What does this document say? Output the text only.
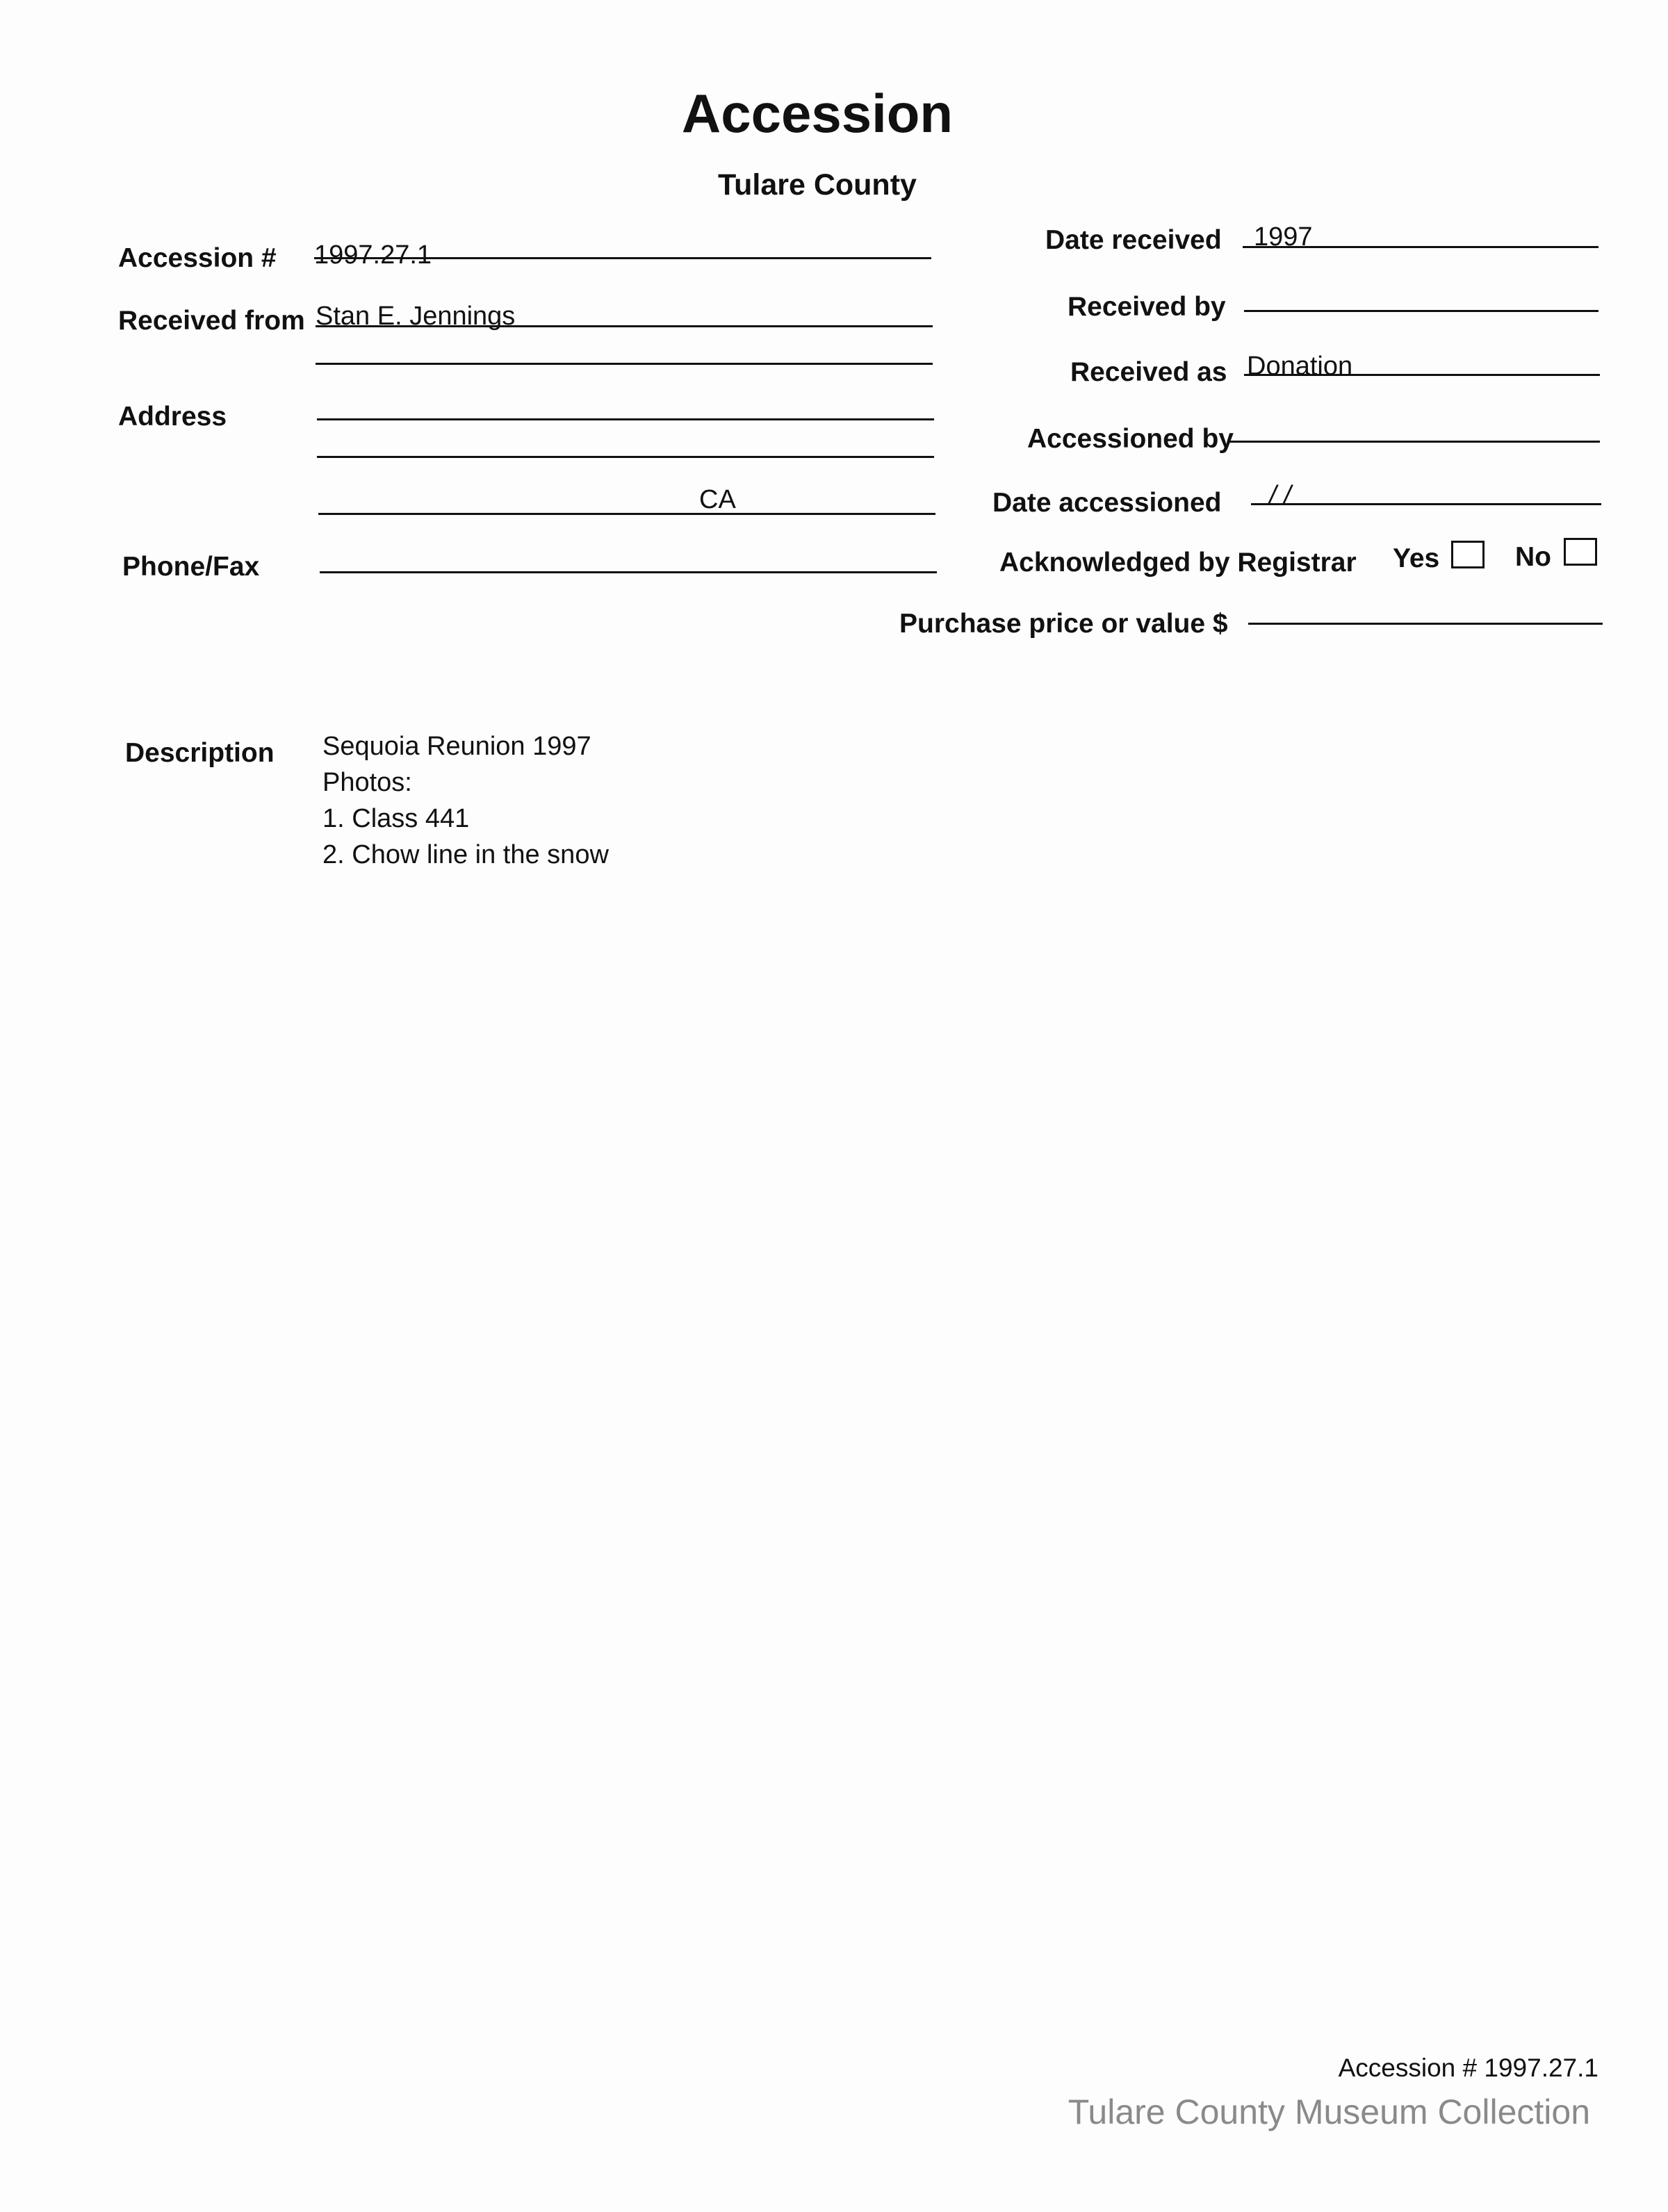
Accession
Tulare County
Accession # 1997.27.1
Received from Stan E. Jennings
Address
CA
Phone/Fax
Date received 1997
Received by
Received as Donation
Accessioned by
Date accessioned / /
Acknowledged by Registrar Yes	No
Purchase price or value $
Description Sequoia Reunion 1997
Photos:
1. Class 441
2. Chow line in the snow
Accession # 1997.27.1
Tulare County Museum Collection
